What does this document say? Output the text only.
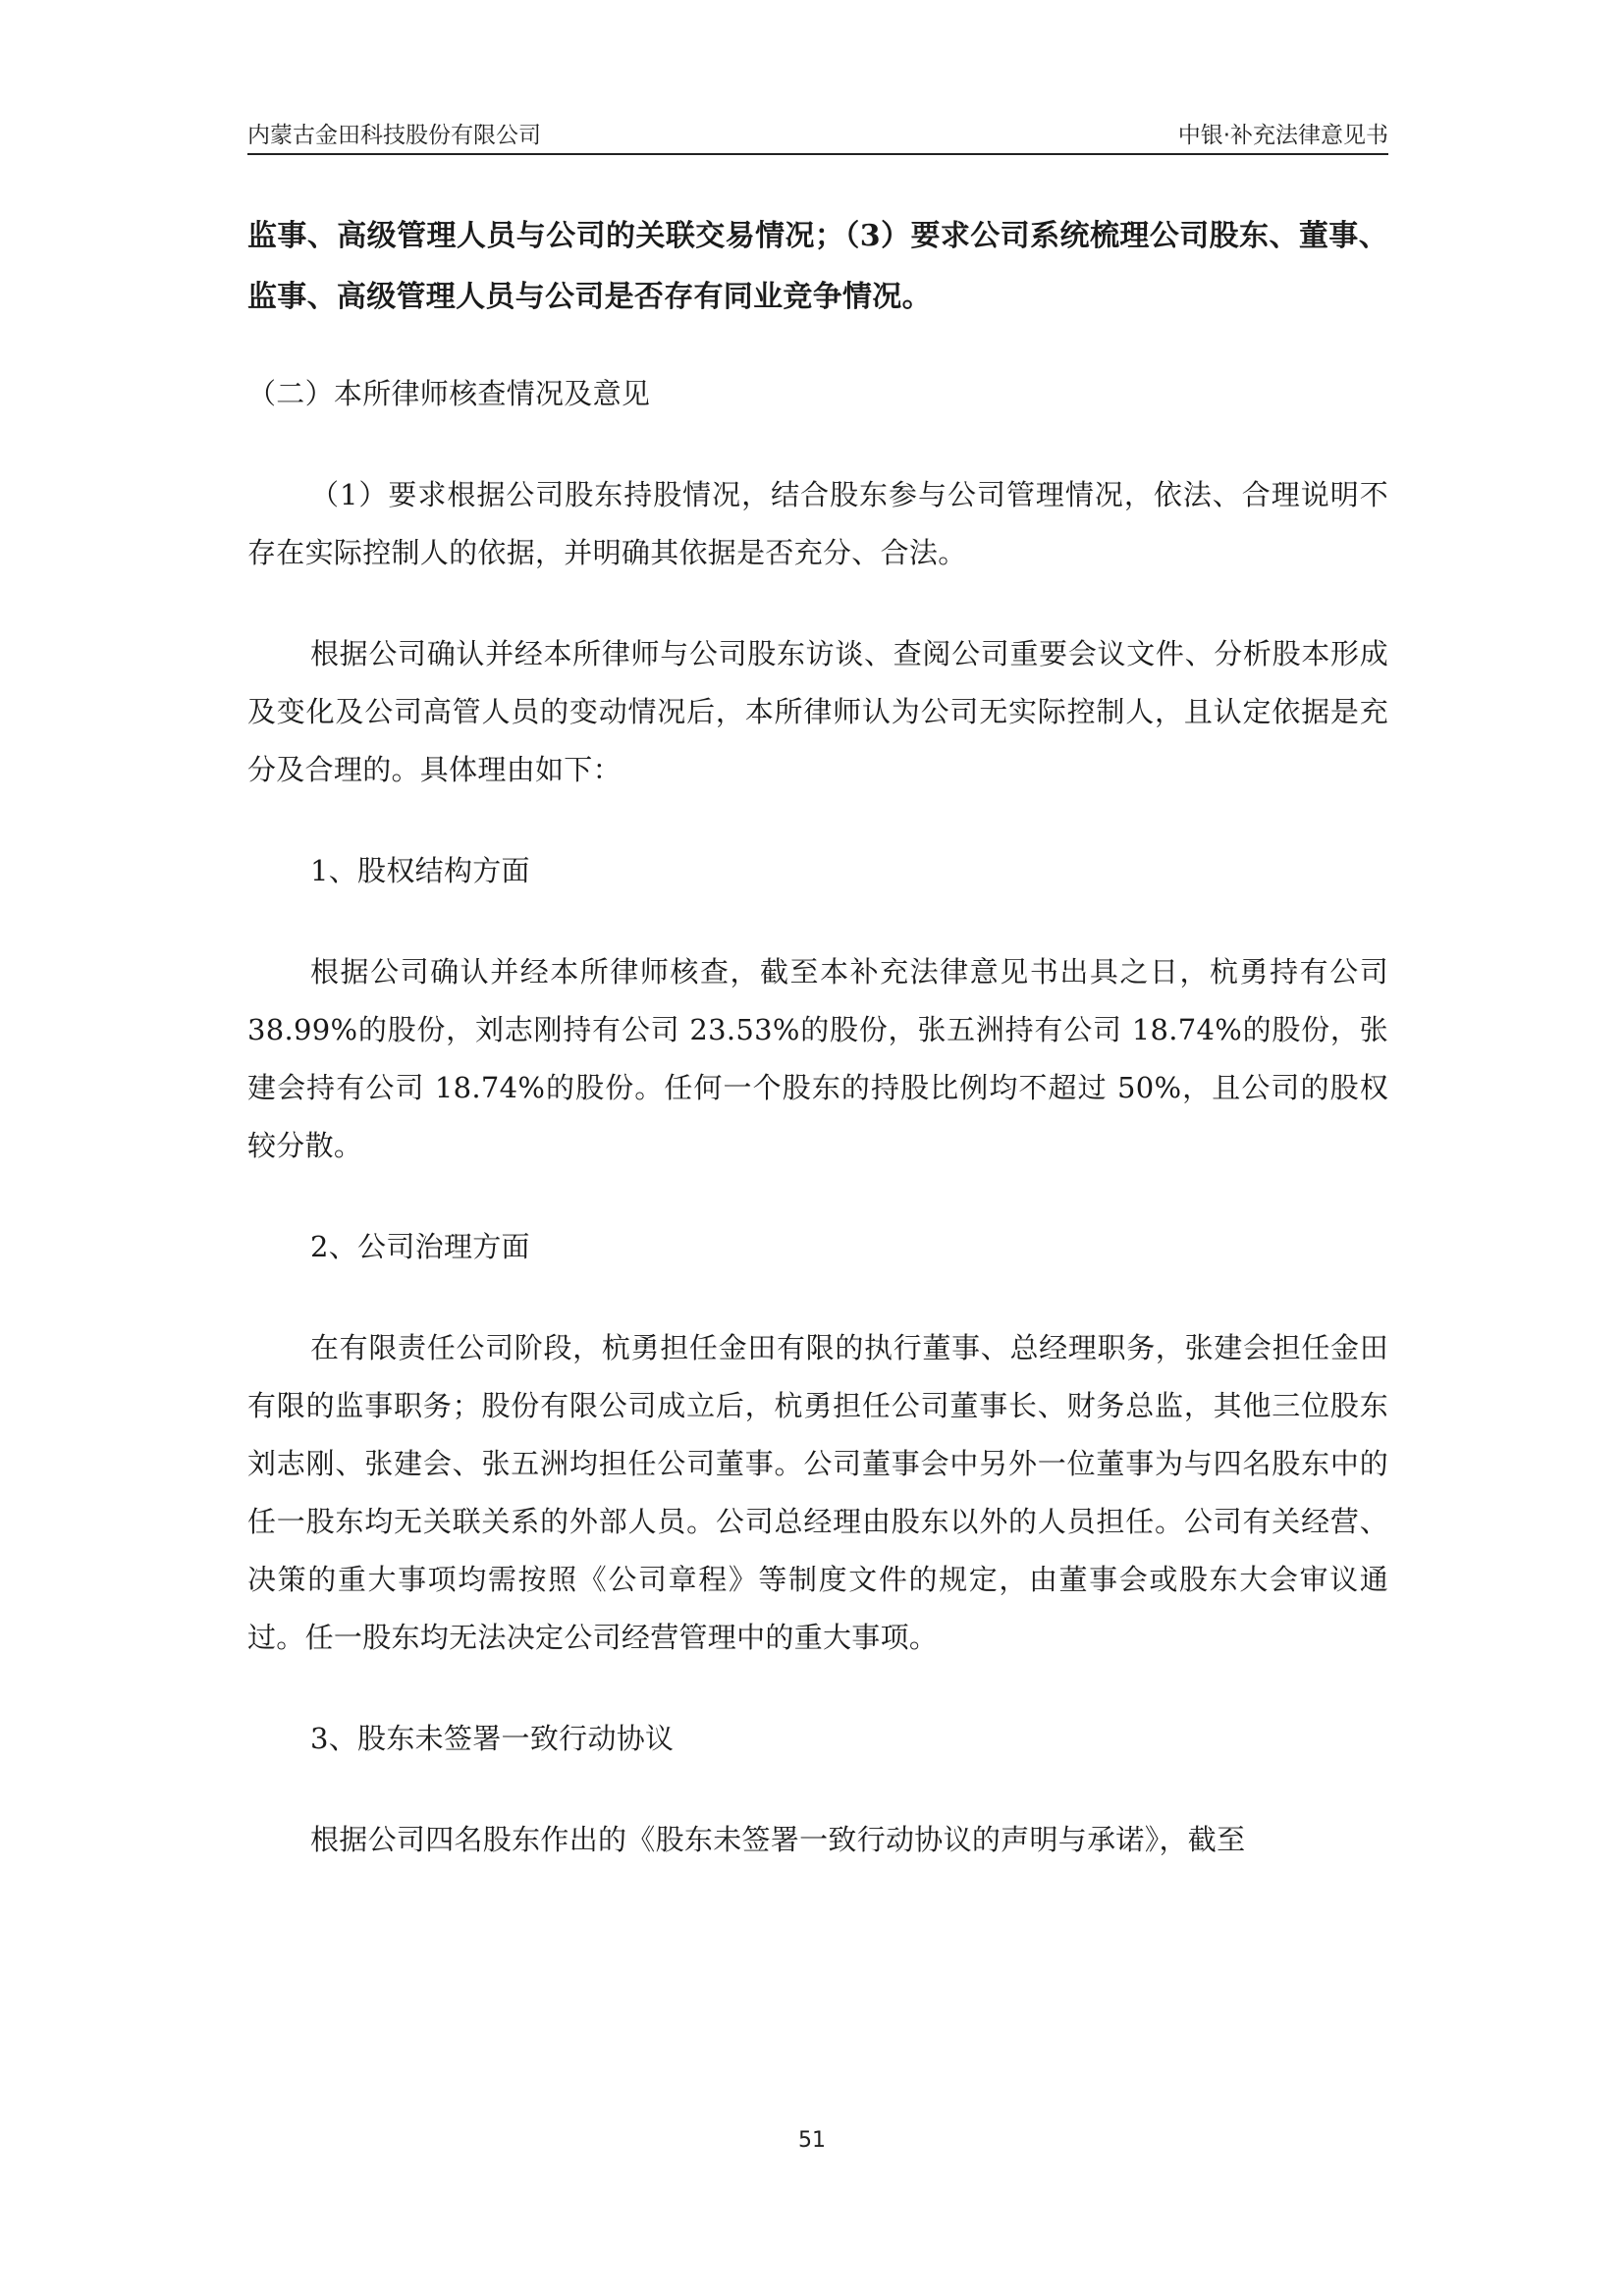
内蒙古金田科技股份有限公司	中银·补充法律意见书

监事、高级管理人员与公司的关联交易情况；（3）要求公司系统梳理公司股东、董事、监事、高级管理人员与公司是否存有同业竞争情况。

（二）本所律师核查情况及意见

（1）要求根据公司股东持股情况，结合股东参与公司管理情况，依法、合理说明不存在实际控制人的依据，并明确其依据是否充分、合法。

根据公司确认并经本所律师与公司股东访谈、查阅公司重要会议文件、分析股本形成及变化及公司高管人员的变动情况后，本所律师认为公司无实际控制人，且认定依据是充分及合理的。具体理由如下：

1、股权结构方面

根据公司确认并经本所律师核查，截至本补充法律意见书出具之日，杭勇持有公司 38.99%的股份，刘志刚持有公司 23.53%的股份，张五洲持有公司 18.74%的股份，张建会持有公司 18.74%的股份。任何一个股东的持股比例均不超过 50%，且公司的股权较分散。

2、公司治理方面

在有限责任公司阶段，杭勇担任金田有限的执行董事、总经理职务，张建会担任金田有限的监事职务；股份有限公司成立后，杭勇担任公司董事长、财务总监，其他三位股东刘志刚、张建会、张五洲均担任公司董事。公司董事会中另外一位董事为与四名股东中的任一股东均无关联关系的外部人员。公司总经理由股东以外的人员担任。公司有关经营、决策的重大事项均需按照《公司章程》等制度文件的规定，由董事会或股东大会审议通过。任一股东均无法决定公司经营管理中的重大事项。

3、股东未签署一致行动协议

根据公司四名股东作出的《股东未签署一致行动协议的声明与承诺》，截至

51
